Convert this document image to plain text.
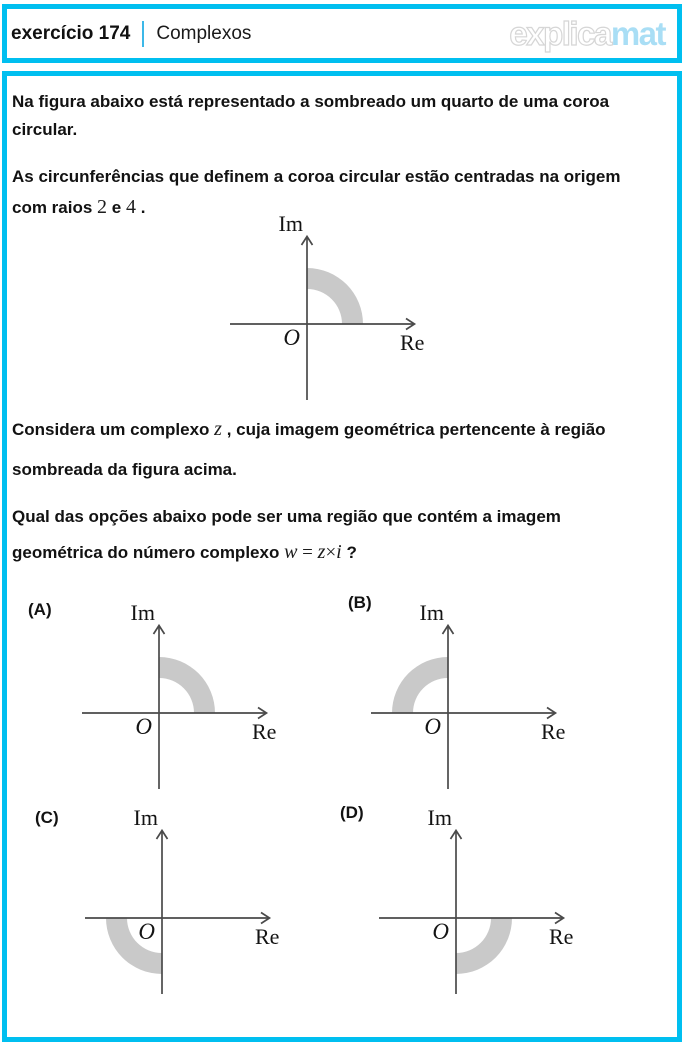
exercício 174 Complexos	explicamat

Na figura abaixo está representado a sombreado um quarto de uma coroa circular.

As circunferências que definem a coroa circular estão centradas na origem com raios 2 e 4 .

Im
Re
O

Considera um complexo z , cuja imagem geométrica pertencente à região sombreada da figura acima.

Qual das opções abaixo pode ser uma região que contém a imagem geométrica do número complexo w = z×i ?

(A)	Im
Re
O
(B) Im
Re
O
(C)	Im
Re
O
(D)	Im
Re
O
